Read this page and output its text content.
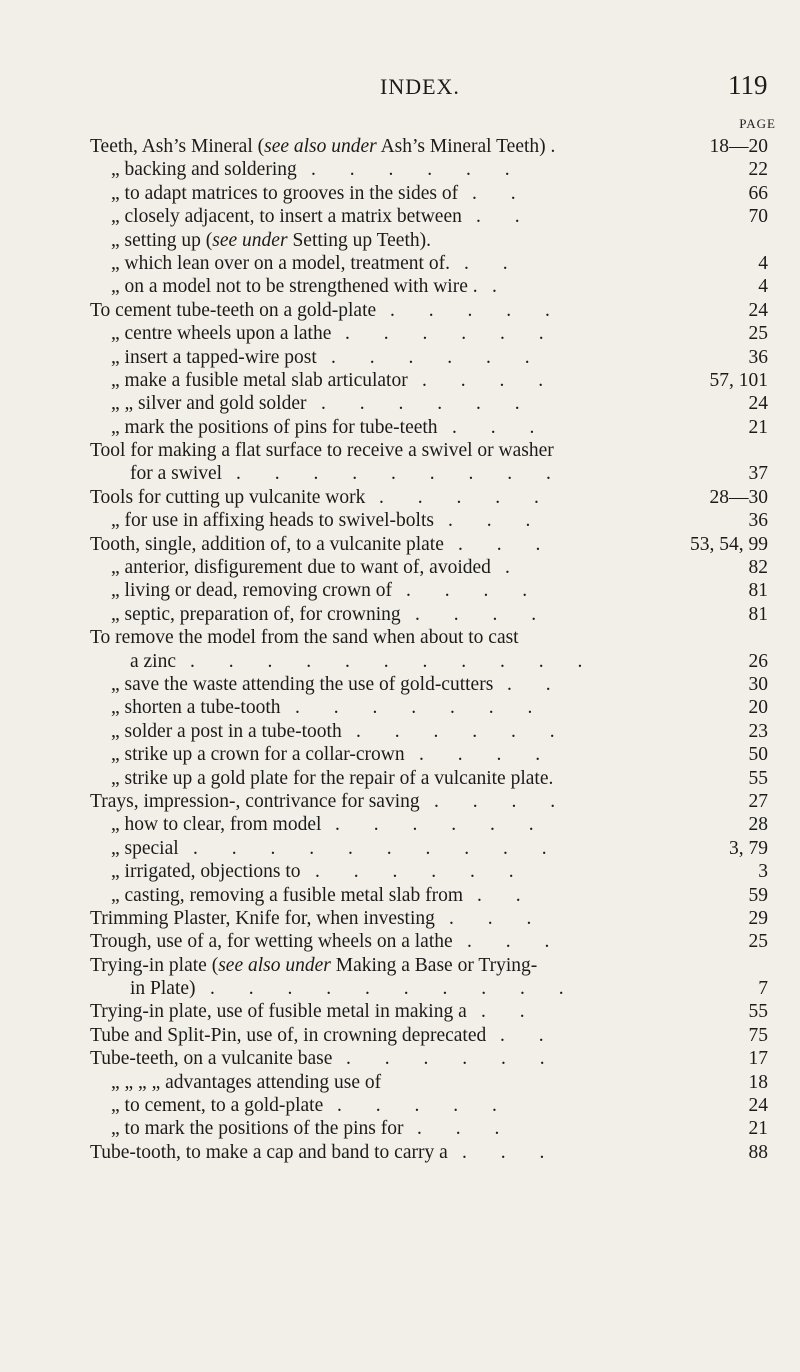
INDEX.	119
PAGE
Teeth, Ash’s Mineral (see also under Ash’s Mineral Teeth) .	18—20
„ backing and soldering . . . . . .	22
„ to adapt matrices to grooves in the sides of . .	66
„ closely adjacent, to insert a matrix between . .	70
„ setting up (see under Setting up Teeth).
„ which lean over on a model, treatment of. . .	4
„ on a model not to be strengthened with wire . .	4
To cement tube-teeth on a gold-plate . . . . .	24
„ centre wheels upon a lathe . . . . . .	25
„ insert a tapped-wire post . . . . . .	36
„ make a fusible metal slab articulator . . . .	57, 101
„ „ silver and gold solder . . . . . .	24
„ mark the positions of pins for tube-teeth . . .	21
Tool for making a flat surface to receive a swivel or washer
for a swivel . . . . . . . . .	37
Tools for cutting up vulcanite work . . . . .	28—30
„ for use in affixing heads to swivel-bolts . . .	36
Tooth, single, addition of, to a vulcanite plate . . .	53, 54, 99
„ anterior, disfigurement due to want of, avoided .	82
„ living or dead, removing crown of . . . .	81
„ septic, preparation of, for crowning . . . .	81
To remove the model from the sand when about to cast
a zinc . . . . . . . . . . .	26
„ save the waste attending the use of gold-cutters . .	30
„ shorten a tube-tooth . . . . . . .	20
„ solder a post in a tube-tooth . . . . . .	23
„ strike up a crown for a collar-crown . . . .	50
„ strike up a gold plate for the repair of a vulcanite plate.	55
Trays, impression-, contrivance for saving . . . .	27
„ how to clear, from model . . . . . .	28
„ special . . . . . . . . . .	3, 79
„ irrigated, objections to . . . . . .	3
„ casting, removing a fusible metal slab from . .	59
Trimming Plaster, Knife for, when investing . . .	29
Trough, use of a, for wetting wheels on a lathe . . .	25
Trying-in plate (see also under Making a Base or Trying-
in Plate) . . . . . . . . . .	7
Trying-in plate, use of fusible metal in making a . .	55
Tube and Split-Pin, use of, in crowning deprecated . .	75
Tube-teeth, on a vulcanite base . . . . . .	17
„ „ „ „ advantages attending use of	18
„ to cement, to a gold-plate . . . . .	24
„ to mark the positions of the pins for . . .	21
Tube-tooth, to make a cap and band to carry a . . .	88
